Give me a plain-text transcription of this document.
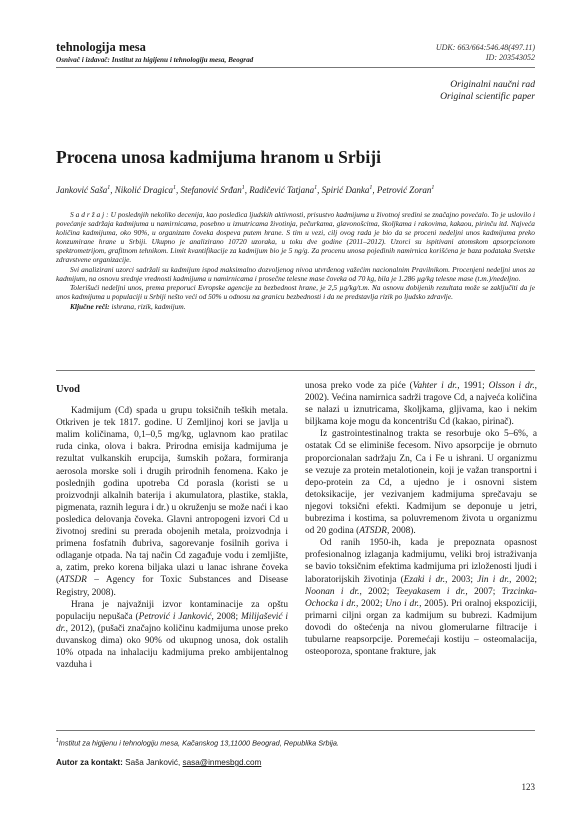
tehnologija mesa
Osnivač i izdavač: Institut za higijenu i tehnologiju mesa, Beograd
UDK: 663/664:546.48(497.11)
ID: 203543052
Originalni naučni rad
Original scientific paper
Procena unosa kadmijuma hranom u Srbiji
Janković Saša$^1$, Nikolić Dragica$^1$, Stefanović Srđan$^1$, Radičević Tatjana$^1$, Spirić Danka$^1$, Petrović Zoran$^1$

S a d r ž a j : U poslednjih nekoliko decenija, kao posledica ljudskih aktivnosti, prisustvo kadmijuma u životnoj sredini se značajno povećalo. To je uslovilo i povećanje sadržaja kadmijuma u namirnicama, posebno u iznutricama životinja, pečurkama, glavonošcima, školjkama i rakovima, kakaou, pirinču itd. Najveća količina kadmijuma, oko 90%, u organizam čoveka dospeva putem hrane. S tim u vezi, cilj ovog rada je bio da se proceni nedeljni unos kadmijuma preko konzumirane hrane u Srbiji. Ukupno je analizirano 10720 uzoraka, u toku dve godine (2011–2012). Uzorci su ispitivani atomskom apsorpcionom spektrometrijom, grafitnom tehnikom. Limit kvantifikacije za kadmijum bio je 5 ng/g. Za procenu unosa pojedinih namirnica korišćena je baza podataka Svetske zdravstvene organizacije.

Svi analizirani uzorci sadržali su kadmijum ispod maksimalno dozvoljenog nivoa utvrđenog važećim nacionalnim Pravilnikom. Procenjeni nedeljni unos za kadmijum, na osnovu srednje vrednosti kadmijuma u namirnicama i prosečne telesne mase čoveka od 70 kg, bila je 1.286 µg/kg telesne mase (t.m.)/nedeljno.

Tolerišući nedeljni unos, prema preporuci Evropske agencije za bezbednost hrane, je 2,5 µg/kg/t.m. Na osnovu dobijenih rezultata može se zaključiti da je unos kadmijuma u populaciji u Srbiji nešto veći od 50% u odnosu na granicu bezbednosti i da ne predstavlja rizik po ljudsko zdravlje.

Ključne reči: ishrana, rizik, kadmijum.

Uvod

Kadmijum (Cd) spada u grupu toksičnih teških metala. Otkriven je tek 1817. godine. U Zemljinoj kori se javlja u malim količinama, 0,1–0,5 mg/kg, uglavnom kao pratilac ruda cinka, olova i bakra. Prirodna emisija kadmijuma je rezultat vulkanskih erupcija, šumskih požara, formiranja aerosola morske soli i drugih prirodnih fenomena. Kako je poslednjih godina upotreba Cd porasla (koristi se u proizvodnji alkalnih baterija i akumulatora, plastike, stakla, pigmenata, raznih legura i dr.) u okruženju se može naći i kao posledica delovanja čoveka. Glavni antropogeni izvori Cd u životnoj sredini su prerada obojenih metala, proizvodnja i primena fosfatnih đubriva, sagorevanje fosilnih goriva i odlaganje otpada. Na taj način Cd zagađuje vodu i zemljište, a, zatim, preko korena biljaka ulazi u lanac ishrane čoveka (ATSDR – Agency for Toxic Substances and Disease Registry, 2008).

Hrana je najvažniji izvor kontaminacije za opštu populaciju nepušača (Petrović i Janković, 2008; Milijašević i dr., 2012), (pušači značajno količinu kadmijuma unose preko duvanskog dima) oko 90% od ukupnog unosa, dok ostalih 10% otpada na inhalaciju kadmijuma preko ambijentalnog vazduha i

unosa preko vode za piće (Vahter i dr., 1991; Olsson i dr., 2002). Većina namirnica sadrži tragove Cd, a najveća količina se nalazi u iznutricama, školjkama, gljivama, kao i nekim biljkama koje mogu da koncentrišu Cd (kakao, pirinač).

Iz gastrointestinalnog trakta se resorbuje oko 5–6%, a ostatak Cd se eliminiše fecesom. Nivo apsorpcije je obrnuto proporcionalan sadržaju Zn, Ca i Fe u ishrani. U organizmu se vezuje za protein metalotionein, koji je važan transportni i depo-protein za Cd, a ujedno je i osnovni sistem detoksikacije, jer vezivanjem kadmijuma sprečavaju se njegovi toksični efekti. Kadmijum se deponuje u jetri, bubrezima i kostima, sa poluvremenom života u organizmu od 20 godina (ATSDR, 2008).

Od ranih 1950-ih, kada je prepoznata opasnost profesionalnog izlaganja kadmijumu, veliki broj istraživanja se bavio toksičnim efektima kadmijuma pri izloženosti ljudi i laboratorijskih životinja (Ezaki i dr., 2003; Jin i dr., 2002; Noonan i dr., 2002; Teeyakasem i dr., 2007; Trzcinka-Ochocka i dr., 2002; Uno i dr., 2005). Pri oralnoj ekspoziciji, primarni ciljni organ za kadmijum su bubrezi. Kadmijum dovodi do oštećenja na nivou glomerularne filtracije i tubularne reapsorpcije. Poremećaji kostiju – osteomalacija, osteoporoza, spontane frakture, jak

$^1$Institut za higijenu i tehnologiju mesa, Kačanskog 13,11000 Beograd, Republika Srbija.
Autor za kontakt: Saša Janković, sasa@inmesbgd.com
123
